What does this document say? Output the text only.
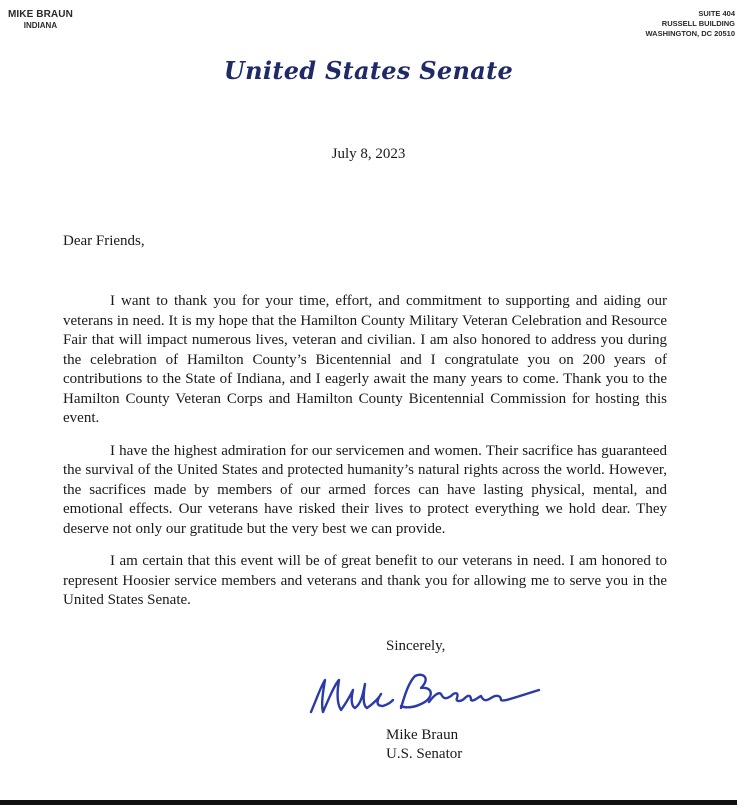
MIKE BRAUN
INDIANA
SUITE 404
RUSSELL BUILDING
WASHINGTON, DC 20510
United States Senate
July 8, 2023
Dear Friends,

I want to thank you for your time, effort, and commitment to supporting and aiding our veterans in need. It is my hope that the Hamilton County Military Veteran Celebration and Resource Fair that will impact numerous lives, veteran and civilian. I am also honored to address you during the celebration of Hamilton County’s Bicentennial and I congratulate you on 200 years of contributions to the State of Indiana, and I eagerly await the many years to come. Thank you to the Hamilton County Veteran Corps and Hamilton County Bicentennial Commission for hosting this event.

I have the highest admiration for our servicemen and women. Their sacrifice has guaranteed the survival of the United States and protected humanity’s natural rights across the world. However, the sacrifices made by members of our armed forces can have lasting physical, mental, and emotional effects. Our veterans have risked their lives to protect everything we hold dear. They deserve not only our gratitude but the very best we can provide.

I am certain that this event will be of great benefit to our veterans in need. I am honored to represent Hoosier service members and veterans and thank you for allowing me to serve you in the United States Senate.

Sincerely,
Mike Braun
U.S. Senator
